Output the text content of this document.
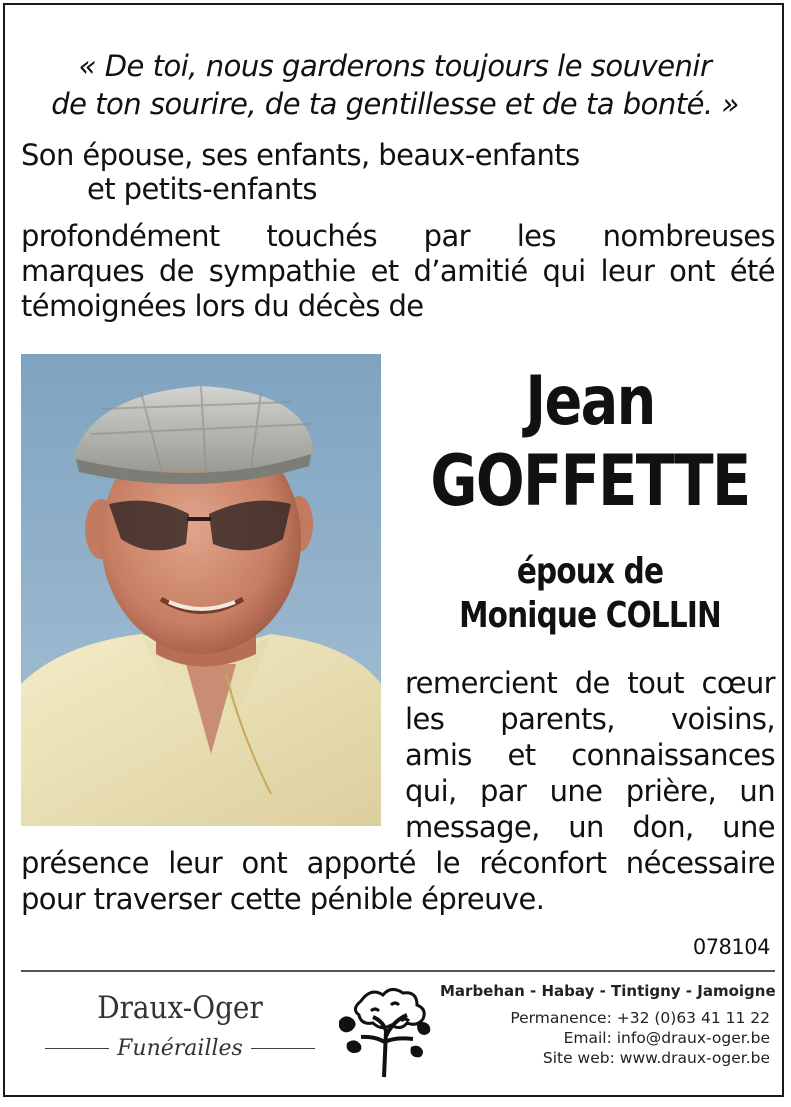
« De toi, nous garderons toujours le souvenir
de ton sourire, de ta gentillesse et de ta bonté. »
Son épouse, ses enfants, beaux-enfants
et petits-enfants
profondément touchés par les nombreuses
marques de sympathie et d’amitié qui leur ont été
témoignées lors du décès de
Jean
GOFFETTE
époux de
Monique COLLIN
remercient de tout cœur
les parents, voisins,
amis et connaissances
qui, par une prière, un
message, un don, une
présence leur ont apporté le réconfort nécessaire
pour traverser cette pénible épreuve.
078104
Draux-Oger
Funérailles
Marbehan - Habay - Tintigny - Jamoigne
Permanence: +32 (0)63 41 11 22
Email: info@draux-oger.be
Site web: www.draux-oger.be
